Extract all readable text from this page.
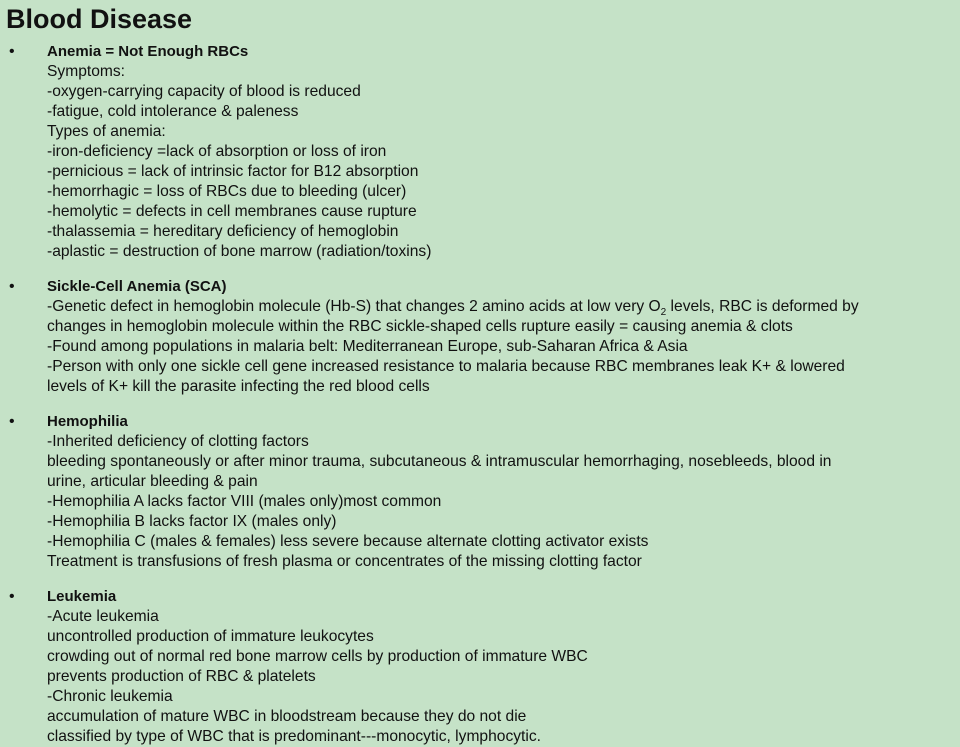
Blood Disease
• Anemia = Not Enough RBCs
Symptoms:
-oxygen-carrying capacity of blood is reduced
-fatigue, cold intolerance & paleness
Types of anemia:
-iron-deficiency =lack of absorption or loss of iron
-pernicious = lack of intrinsic factor for B12 absorption
-hemorrhagic = loss of RBCs due to bleeding (ulcer)
-hemolytic = defects in cell membranes cause rupture
-thalassemia = hereditary deficiency of hemoglobin
-aplastic = destruction of bone marrow (radiation/toxins)
• Sickle-Cell Anemia (SCA)
-Genetic defect in hemoglobin molecule (Hb-S) that changes 2 amino acids at low very $O_2$ levels, RBC is deformed by
changes in hemoglobin molecule within the RBC sickle-shaped cells rupture easily = causing anemia & clots
-Found among populations in malaria belt: Mediterranean Europe, sub-Saharan Africa & Asia
-Person with only one sickle cell gene increased resistance to malaria because RBC membranes leak K+ & lowered
levels of K+ kill the parasite infecting the red blood cells
• Hemophilia
-Inherited deficiency of clotting factors
bleeding spontaneously or after minor trauma, subcutaneous & intramuscular hemorrhaging, nosebleeds, blood in
urine, articular bleeding & pain
-Hemophilia A lacks factor VIII (males only)most common
-Hemophilia B lacks factor IX (males only)
-Hemophilia C (males & females) less severe because alternate clotting activator exists
Treatment is transfusions of fresh plasma or concentrates of the missing clotting factor
• Leukemia
-Acute leukemia
uncontrolled production of immature leukocytes
crowding out of normal red bone marrow cells by production of immature WBC
prevents production of RBC & platelets
-Chronic leukemia
accumulation of mature WBC in bloodstream because they do not die
classified by type of WBC that is predominant---monocytic, lymphocytic.
